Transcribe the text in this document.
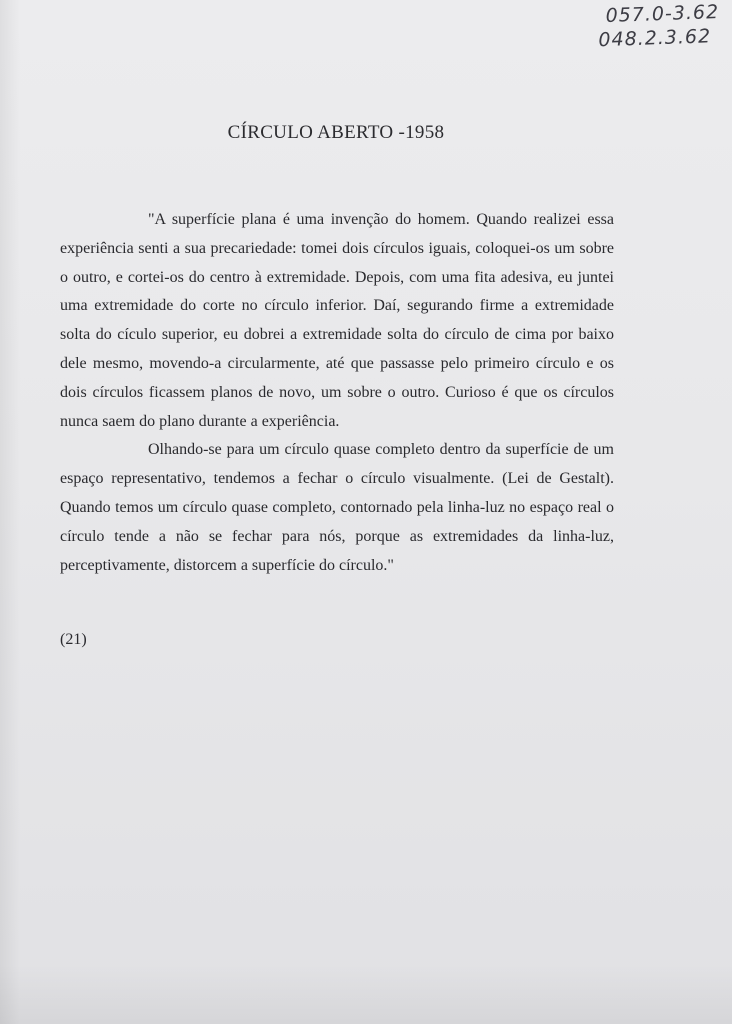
057.0-3.62
048.2.3.62
CÍRCULO ABERTO -1958

"A superfície plana é uma invenção do homem. Quando realizei essa experiência senti a sua precariedade: tomei dois círculos iguais, coloquei-os um sobre o outro, e cortei-os do centro à extremidade. Depois, com uma fita adesiva, eu juntei uma extremidade do corte no círculo inferior. Daí, segurando firme a extremidade solta do cículo superior, eu dobrei a extremidade solta do círculo de cima por baixo dele mesmo, movendo-a circularmente, até que passasse pelo primeiro círculo e os dois círculos ficassem planos de novo, um sobre o outro. Curioso é que os círculos nunca saem do plano durante a experiência.

Olhando-se para um círculo quase completo dentro da superfície de um espaço representativo, tendemos a fechar o círculo visualmente. (Lei de Gestalt). Quando temos um círculo quase completo, contornado pela linha-luz no espaço real o círculo tende a não se fechar para nós, porque as extremidades da linha-luz, perceptivamente, distorcem a superfície do círculo."

(21)
